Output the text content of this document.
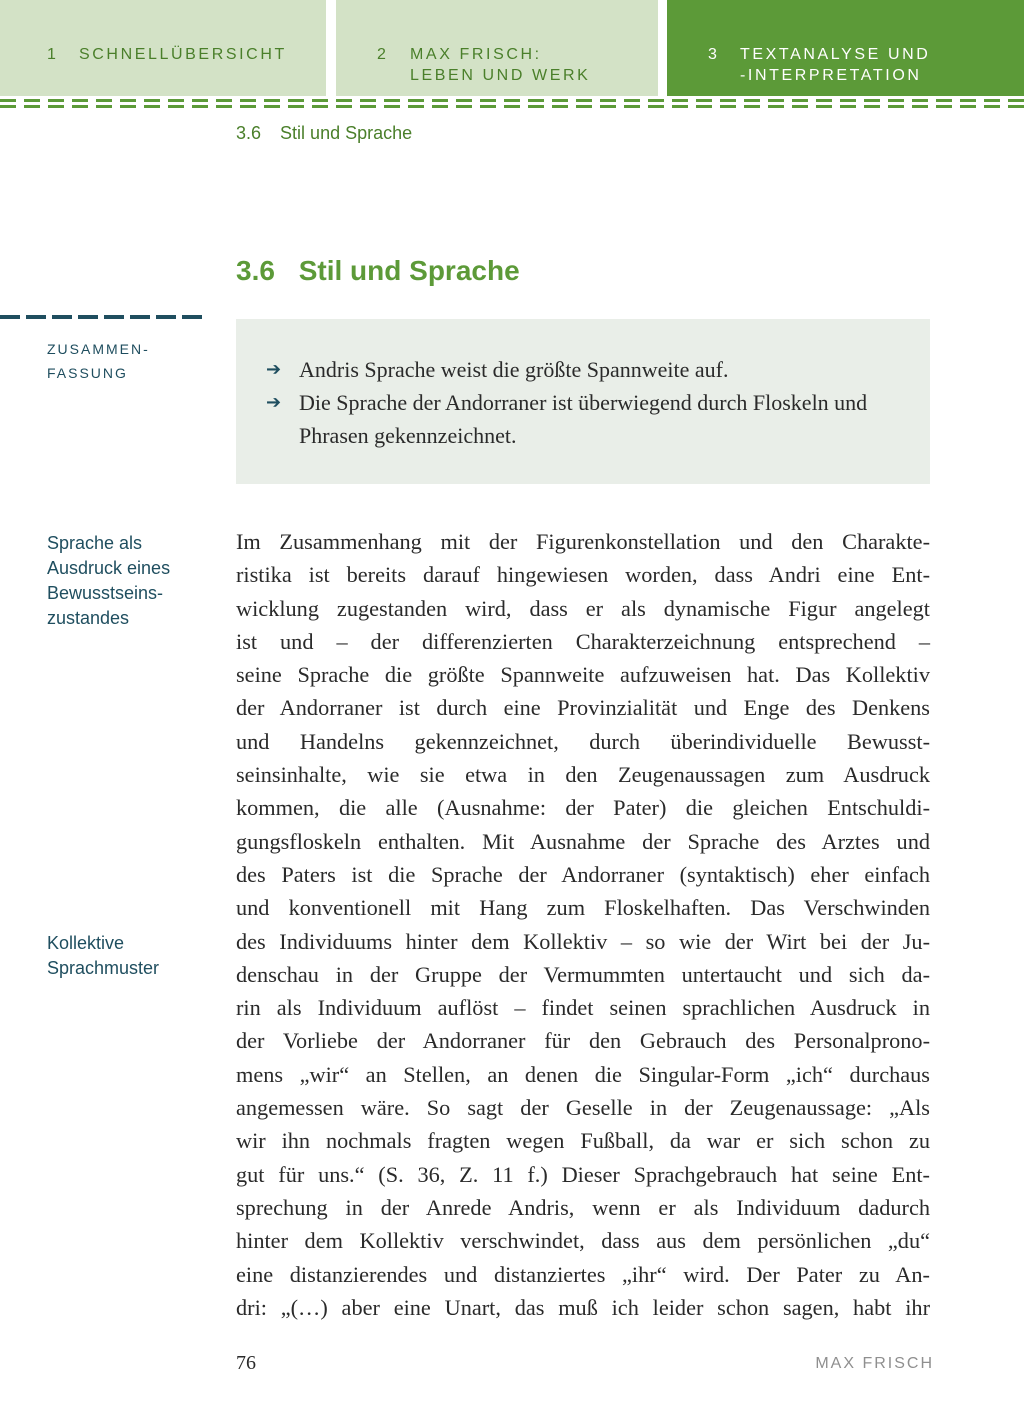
1 SCHNELLÜBERSICHT	2 MAX FRISCH:
LEBEN UND WERK
3 TEXTANALYSE UND
-INTERPRETATION
3.6 Stil und Sprache
3.6 Stil und Sprache
ZUSAMMEN-
FASSUNG	➔ Andris Sprache weist die größte Spannweite auf.
➔ Die Sprache der Andorraner ist überwiegend durch Floskeln und Phrasen gekennzeichnet.
Sprache als
Ausdruck eines
Bewusstseins-
zustandes
Kollektive
Sprachmuster
Im Zusammenhang mit der Figurenkonstellation und den Charakte-
ristika ist bereits darauf hingewiesen worden, dass Andri eine Ent-
wicklung zugestanden wird, dass er als dynamische Figur angelegt
ist und – der differenzierten Charakterzeichnung entsprechend –
seine Sprache die größte Spannweite aufzuweisen hat. Das Kollektiv
der Andorraner ist durch eine Provinzialität und Enge des Denkens
und Handelns gekennzeichnet, durch überindividuelle Bewusst-
seinsinhalte, wie sie etwa in den Zeugenaussagen zum Ausdruck
kommen, die alle (Ausnahme: der Pater) die gleichen Entschuldi-
gungsfloskeln enthalten. Mit Ausnahme der Sprache des Arztes und
des Paters ist die Sprache der Andorraner (syntaktisch) eher einfach
und konventionell mit Hang zum Floskelhaften. Das Verschwinden
des Individuums hinter dem Kollektiv – so wie der Wirt bei der Ju-
denschau in der Gruppe der Vermummten untertaucht und sich da-
rin als Individuum auflöst – findet seinen sprachlichen Ausdruck in
der Vorliebe der Andorraner für den Gebrauch des Personalprono-
mens „wir“ an Stellen, an denen die Singular-Form „ich“ durchaus
angemessen wäre. So sagt der Geselle in der Zeugenaussage: „Als
wir ihn nochmals fragten wegen Fußball, da war er sich schon zu
gut für uns.“ (S. 36, Z. 11 f.) Dieser Sprachgebrauch hat seine Ent-
sprechung in der Anrede Andris, wenn er als Individuum dadurch
hinter dem Kollektiv verschwindet, dass aus dem persönlichen „du“
eine distanzierendes und distanziertes „ihr“ wird. Der Pater zu An-
dri: „(…) aber eine Unart, das muß ich leider schon sagen, habt ihr
76	MAX FRISCH
